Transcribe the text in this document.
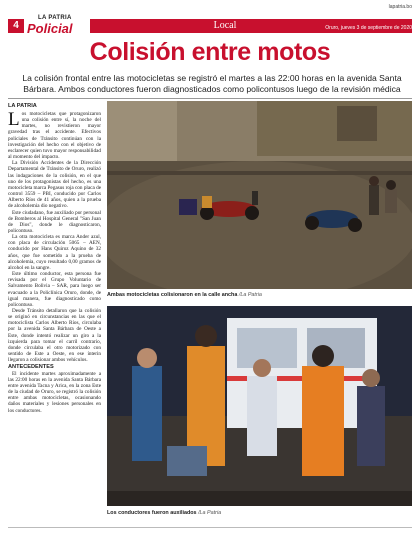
4
LA PATRIA
Policial	Local
lapatria.bo
Oruro, jueves 3 de septiembre de 2020
Colisión entre motos
La colisión frontal entre las motocicletas se registró el martes a las 22:00 horas en la avenida Santa Bárbara. Ambos conductores fueron diagnosticados como policontusos luego de la revisión médica
LA PATRIA

Los motocicletas que protagonizaron una colisión entre sí, la noche del martes, no revistieron mayor gravedad tras el accidente. Efectivos policiales de Tránsito continúan con la investigación del hecho con el objetivo de esclarecer quien tuvo mayor responsabilidad al momento del impacto.

La División Accidentes de la Dirección Departamental de Tránsito de Oruro, realizó las indagaciones de la colisión, en el que uno de los protagonistas del hecho, es una motocicleta marca Pegasus roja con placa de control 3559 – PBI, conducido por Carlos Alberto Ríos de 41 años, quien a la prueba de alcoholemia dio negativo.

Este ciudadano, fue auxiliado por personal de Bomberos al Hospital General "San Juan de Dios", donde le diagnosticaron, policontuso.

La otra motocicleta es marca Ander azul, con placa de circulación 5065 – AEN, conducido por Hans Quiroz Aquino de 32 años, que fue sometido a la prueba de alcoholemia, cuyo resultado 0,00 gramos de alcohol en la sangre.

Este último conductor, esta persona fue revisada por el Grupo Voluntario de Salvamento Bolivia – SAR, para luego ser evacuado a la Policlínica Oruro, donde, de igual manera, fue diagnosticado como policontuso.

Desde Tránsito detallaron que la colisión se originó en circunstancias en las que el motociclista Carlos Alberto Ríos, circulaba por la avenida Santa Bárbara de Oeste a Este, donde intentó realizar un giro a la izquierda para tomar el carril contrario, donde circulaba el otro motorizado con sentido de Este a Oeste, en ese ínterin llegaron a colisionar ambos vehículos.

ANTECEDENTES

El incidente martes aproximadamente a las 22:00 horas en la avenida Santa Bárbara entre avenida Tacna y Arica, en la zona Este de la ciudad de Oruro, se registró la colisión entre ambas motocicletas, ocasionando daños materiales y lesiones personales en los conductores.

Ambas motocicletas colisionaron en la calle ancha /La Patria
Los conductores fueron auxiliados /La Patria
